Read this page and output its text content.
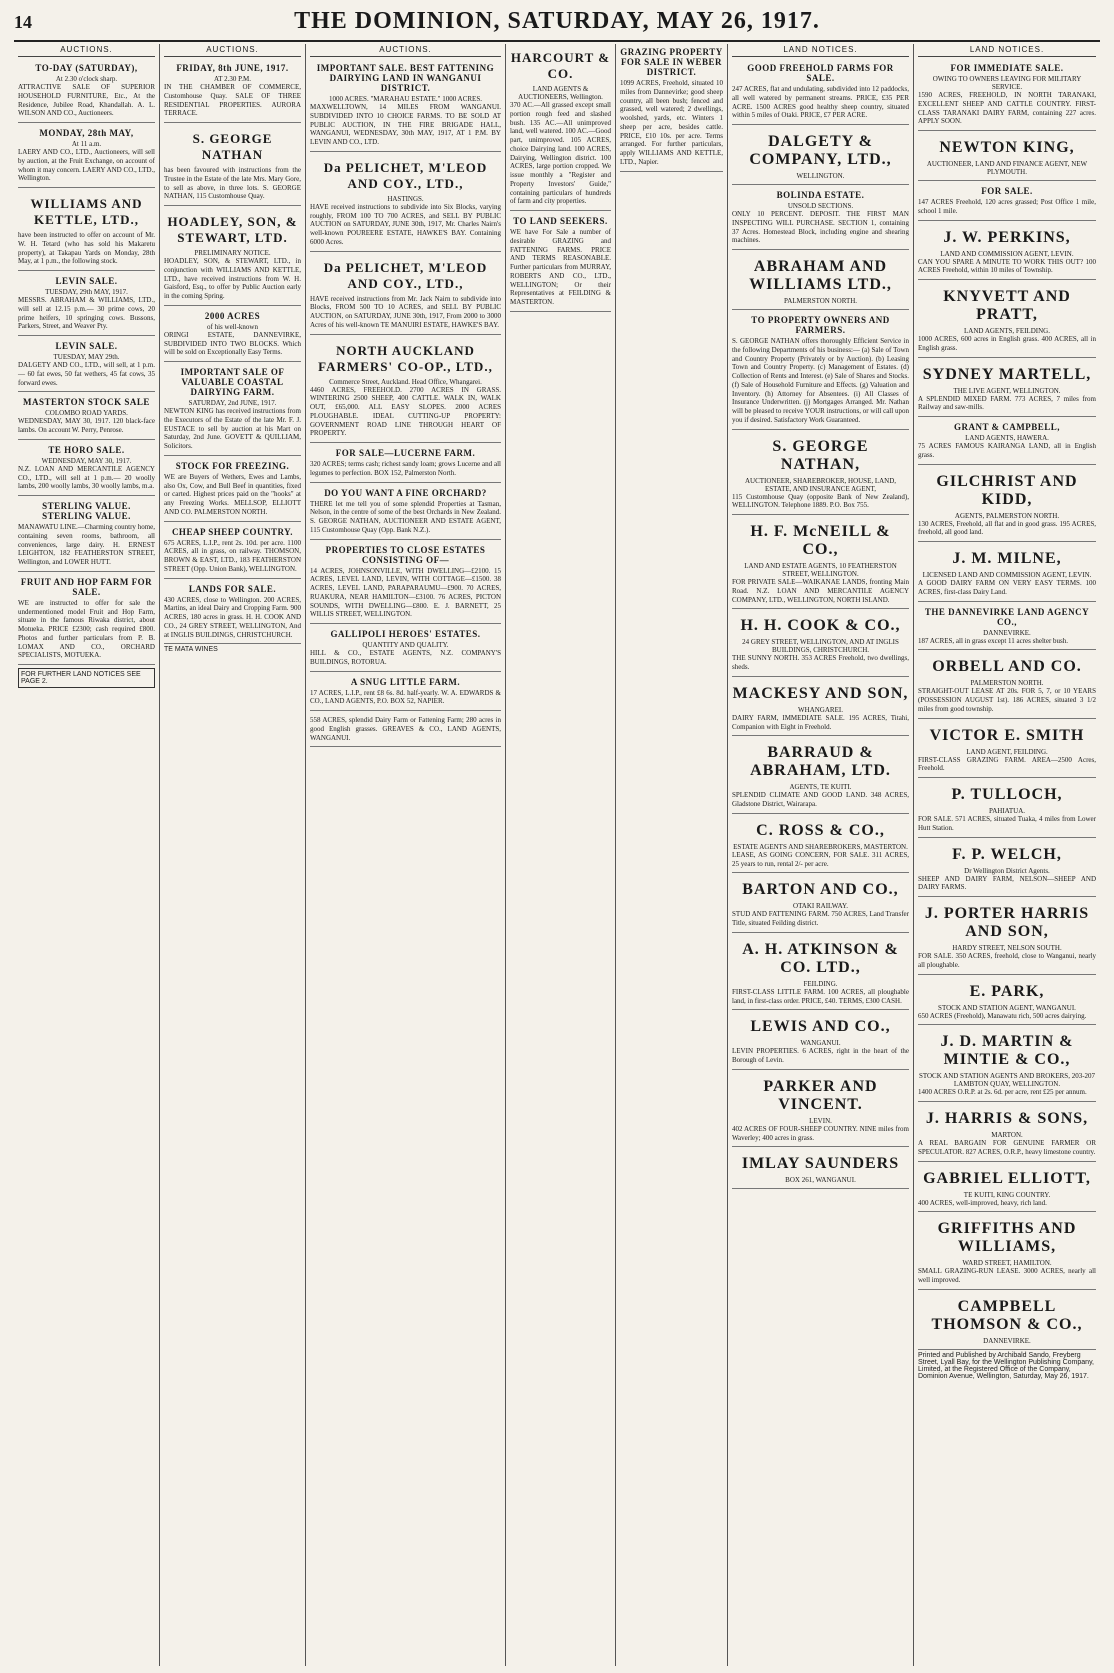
14	THE DOMINION, SATURDAY, MAY 26, 1917.
AUCTIONS.
TO-DAY (SATURDAY),
At 2.30 o'clock sharp.
ATTRACTIVE SALE OF SUPERIOR HOUSEHOLD FURNITURE, Etc., At the Residence, Jubilee Road, Khandallah. A. L. WILSON AND CO., Auctioneers.
MONDAY, 28th MAY,
At 11 a.m.
LAERY AND CO., LTD., Auctioneers, will sell by auction, at the Fruit Exchange, on account of whom it may concern. LAERY AND CO., LTD., Wellington.
WILLIAMS AND KETTLE, LTD.,
have been instructed to offer on account of Mr. W. H. Tetard (who has sold his Makaretu property), at Takapau Yards on Monday, 28th May, at 1 p.m., the following stock.
LEVIN SALE.
TUESDAY, 29th MAY, 1917.
MESSRS. ABRAHAM & WILLIAMS, LTD., will sell at 12.15 p.m.— 30 prime cows, 20 prime heifers, 10 springing cows. Bussons, Parkers, Street, and Weaver Pty.
LEVIN SALE.
TUESDAY, MAY 29th.
DALGETY AND CO., LTD., will sell, at 1 p.m.— 60 fat ewes, 50 fat wethers, 45 fat cows, 35 forward ewes.
MASTERTON STOCK SALE
COLOMBO ROAD YARDS.
WEDNESDAY, MAY 30, 1917. 120 black-face lambs. On account W. Perry, Penrose.
TE HORO SALE.
WEDNESDAY, MAY 30, 1917.
N.Z. LOAN AND MERCANTILE AGENCY CO., LTD., will sell at 1 p.m.— 20 woolly lambs, 200 woolly lambs, 30 woolly lambs, m.a.
STERLING VALUE. STERLING VALUE.
MANAWATU LINE.—Charming country home, containing seven rooms, bathroom, all conveniences, large dairy. H. ERNEST LEIGHTON, 182 FEATHERSTON STREET, Wellington, and LOWER HUTT.
FRUIT AND HOP FARM FOR SALE.
WE are instructed to offer for sale the undermentioned model Fruit and Hop Farm, situate in the famous Riwaka district, about Motueka. PRICE £2300; cash required £800. Photos and further particulars from P. B. LOMAX AND CO., ORCHARD SPECIALISTS, MOTUEKA.
FOR FURTHER LAND NOTICES SEE PAGE 2.
AUCTIONS.
FRIDAY, 8th JUNE, 1917.
AT 2.30 P.M.
IN THE CHAMBER OF COMMERCE, Customhouse Quay. SALE OF THREE RESIDENTIAL PROPERTIES. AURORA TERRACE.
S. GEORGE NATHAN
has been favoured with instructions from the Trustee in the Estate of the late Mrs. Mary Gore, to sell as above, in three lots. S. GEORGE NATHAN, 115 Customhouse Quay.
HOADLEY, SON, & STEWART, LTD.
PRELIMINARY NOTICE.
HOADLEY, SON, & STEWART, LTD., in conjunction with WILLIAMS AND KETTLE, LTD., have received instructions from W. H. Gaisford, Esq., to offer by Public Auction early in the coming Spring.
2000 ACRES
of his well-known
ORINGI ESTATE, DANNEVIRKE, SUBDIVIDED INTO TWO BLOCKS. Which will be sold on Exceptionally Easy Terms.
IMPORTANT SALE OF VALUABLE COASTAL DAIRYING FARM.
SATURDAY, 2nd JUNE, 1917.
NEWTON KING has received instructions from the Executors of the Estate of the late Mr. F. J. EUSTACE to sell by auction at his Mart on Saturday, 2nd June. GOVETT & QUILLIAM, Solicitors.
STOCK FOR FREEZING.
WE are Buyers of Wethers, Ewes and Lambs, also Ox, Cow, and Bull Beef in quantities, fixed or carted. Highest prices paid on the "hooks" at any Freezing Works. MELLSOP, ELLIOTT AND CO. PALMERSTON NORTH.
CHEAP SHEEP COUNTRY.
675 ACRES, L.I.P., rent 2s. 10d. per acre. 1100 ACRES, all in grass, on railway. THOMSON, BROWN & EAST, LTD., 183 FEATHERSTON STREET (Opp. Union Bank), WELLINGTON.
LANDS FOR SALE.
430 ACRES, close to Wellington. 200 ACRES, Martins, an ideal Dairy and Cropping Farm. 900 ACRES, 180 acres in grass. H. H. COOK AND CO., 24 GREY STREET, WELLINGTON, And at INGLIS BUILDINGS, CHRISTCHURCH.
TE MATA WINES
AUCTIONS.
IMPORTANT SALE. BEST FATTENING DAIRYING LAND IN WANGANUI DISTRICT.
1000 ACRES. "MARAHAU ESTATE." 1000 ACRES.
MAXWELLTOWN, 14 MILES FROM WANGANUI. SUBDIVIDED INTO 10 CHOICE FARMS. TO BE SOLD AT PUBLIC AUCTION, IN THE FIRE BRIGADE HALL, WANGANUI, WEDNESDAY, 30th MAY, 1917, AT 1 P.M. BY LEVIN AND CO., LTD.
Da PELICHET, M'LEOD AND COY., LTD.,
HASTINGS.
HAVE received instructions to subdivide into Six Blocks, varying roughly, FROM 100 TO 700 ACRES, and SELL BY PUBLIC AUCTION on SATURDAY, JUNE 30th, 1917, Mr. Charles Nairn's well-known POUREERE ESTATE, HAWKE'S BAY. Containing 6000 Acres.
Da PELICHET, M'LEOD AND COY., LTD.,
HAVE received instructions from Mr. Jack Nairn to subdivide into Blocks, FROM 500 TO 10 ACRES, and SELL BY PUBLIC AUCTION, on SATURDAY, JUNE 30th, 1917, From 2000 to 3000 Acres of his well-known TE MANUIRI ESTATE, HAWKE'S BAY.
NORTH AUCKLAND FARMERS' CO-OP., LTD.,
Commerce Street, Auckland. Head Office, Whangarei.
4460 ACRES, FREEHOLD. 2700 ACRES IN GRASS. WINTERING 2500 SHEEP, 400 CATTLE. WALK IN, WALK OUT, £65,000. ALL EASY SLOPES. 2000 ACRES PLOUGHABLE. IDEAL CUTTING-UP PROPERTY: GOVERNMENT ROAD LINE THROUGH HEART OF PROPERTY.
FOR SALE—LUCERNE FARM.
320 ACRES; terms cash; richest sandy loam; grows Lucerne and all legumes to perfection. BOX 152, Palmerston North.
DO YOU WANT A FINE ORCHARD?
THERE let me tell you of some splendid Properties at Tasman, Nelson, in the centre of some of the best Orchards in New Zealand. S. GEORGE NATHAN, AUCTIONEER AND ESTATE AGENT, 115 Customhouse Quay (Opp. Bank N.Z.).
PROPERTIES TO CLOSE ESTATES CONSISTING OF—
14 ACRES, JOHNSONVILLE, WITH DWELLING—£2100. 15 ACRES, LEVEL LAND, LEVIN, WITH COTTAGE—£1500. 38 ACRES, LEVEL LAND, PARAPARAUMU—£900. 70 ACRES, RUAKURA, NEAR HAMILTON—£3100. 76 ACRES, PICTON SOUNDS, WITH DWELLING—£800. E. J. BARNETT, 25 WILLIS STREET, WELLINGTON.
GALLIPOLI HEROES' ESTATES.
QUANTITY AND QUALITY.
HILL & CO., ESTATE AGENTS, N.Z. COMPANY'S BUILDINGS, ROTORUA.
A SNUG LITTLE FARM.
17 ACRES, L.I.P., rent £8 6s. 8d. half-yearly. W. A. EDWARDS & CO., LAND AGENTS, P.O. BOX 52, NAPIER.
558 ACRES, splendid Dairy Farm or Fattening Farm; 280 acres in good English grasses. GREAVES & CO., LAND AGENTS, WANGANUI.
HARCOURT & CO.
LAND AGENTS & AUCTIONEERS, Wellington.
370 AC.—All grassed except small portion rough feed and slashed bush. 135 AC.—All unimproved land, well watered. 100 AC.—Good part, unimproved. 105 ACRES, choice Dairying land. 100 ACRES, Dairying, Wellington district. 100 ACRES, large portion cropped. We issue monthly a "Register and Property Investors' Guide," containing particulars of hundreds of farm and city properties.
TO LAND SEEKERS.
WE have For Sale a number of desirable GRAZING and FATTENING FARMS. PRICE AND TERMS REASONABLE. Further particulars from MURRAY, ROBERTS AND CO., LTD., WELLINGTON; Or their Representatives at FEILDING & MASTERTON.
GRAZING PROPERTY FOR SALE IN WEBER DISTRICT.
1099 ACRES, Freehold, situated 10 miles from Dannevirke; good sheep country, all been bush; fenced and grassed, well watered; 2 dwellings, woolshed, yards, etc. Winters 1 sheep per acre, besides cattle. PRICE, £10 10s. per acre. Terms arranged. For further particulars, apply WILLIAMS AND KETTLE, LTD., Napier.
LAND NOTICES.
GOOD FREEHOLD FARMS FOR SALE.
247 ACRES, flat and undulating, subdivided into 12 paddocks, all well watered by permanent streams. PRICE, £35 PER ACRE. 1500 ACRES good healthy sheep country, situated within 5 miles of Otaki. PRICE, £7 PER ACRE.
DALGETY & COMPANY, LTD.,
WELLINGTON.
BOLINDA ESTATE.
UNSOLD SECTIONS.
ONLY 10 PERCENT. DEPOSIT. THE FIRST MAN INSPECTING WILL PURCHASE. SECTION 1, containing 37 Acres. Homestead Block, including engine and shearing machines.
ABRAHAM AND WILLIAMS LTD.,
PALMERSTON NORTH.
TO PROPERTY OWNERS AND FARMERS.
S. GEORGE NATHAN offers thoroughly Efficient Service in the following Departments of his business:— (a) Sale of Town and Country Property (Privately or by Auction). (b) Leasing Town and Country Property. (c) Management of Estates. (d) Collection of Rents and Interest. (e) Sale of Shares and Stocks. (f) Sale of Household Furniture and Effects. (g) Valuation and Inventory. (h) Attorney for Absentees. (i) All Classes of Insurance Underwritten. (j) Mortgages Arranged. Mr. Nathan will be pleased to receive YOUR instructions, or will call upon you if desired. Satisfactory Work Guaranteed.
S. GEORGE NATHAN,
AUCTIONEER, SHAREBROKER, HOUSE, LAND, ESTATE, AND INSURANCE AGENT,
115 Customhouse Quay (opposite Bank of New Zealand), WELLINGTON. Telephone 1889. P.O. Box 755.
H. F. McNEILL & CO.,
LAND AND ESTATE AGENTS, 10 FEATHERSTON STREET, WELLINGTON.
FOR PRIVATE SALE—WAIKANAE LANDS, fronting Main Road. N.Z. LOAN AND MERCANTILE AGENCY COMPANY, LTD., WELLINGTON, NORTH ISLAND.
H. H. COOK & CO.,
24 GREY STREET, WELLINGTON, AND AT INGLIS BUILDINGS, CHRISTCHURCH.
THE SUNNY NORTH. 353 ACRES Freehold, two dwellings, sheds.
MACKESY AND SON,
WHANGAREI.
DAIRY FARM, IMMEDIATE SALE. 195 ACRES, Titahi, Companion with Eight in Freehold.
BARRAUD & ABRAHAM, LTD.
AGENTS, TE KUITI.
SPLENDID CLIMATE AND GOOD LAND. 348 ACRES, Gladstone District, Wairarapa.
C. ROSS & CO.,
ESTATE AGENTS AND SHAREBROKERS, MASTERTON.
LEASE, AS GOING CONCERN, FOR SALE. 311 ACRES, 25 years to run, rental 2/- per acre.
BARTON AND CO.,
OTAKI RAILWAY.
STUD AND FATTENING FARM. 750 ACRES, Land Transfer Title, situated Feilding district.
A. H. ATKINSON & CO. LTD.,
FEILDING.
FIRST-CLASS LITTLE FARM. 100 ACRES, all ploughable land, in first-class order. PRICE, £40. TERMS, £300 CASH.
LEWIS AND CO.,
WANGANUI.
LEVIN PROPERTIES. 6 ACRES, right in the heart of the Borough of Levin.
PARKER AND VINCENT.
LEVIN.
402 ACRES OF FOUR-SHEEP COUNTRY. NINE miles from Waverley; 400 acres in grass.
IMLAY SAUNDERS
BOX 261, WANGANUI.
LAND NOTICES.
FOR IMMEDIATE SALE.
OWING TO OWNERS LEAVING FOR MILITARY SERVICE.
1590 ACRES, FREEHOLD, IN NORTH TARANAKI, EXCELLENT SHEEP AND CATTLE COUNTRY. FIRST-CLASS TARANAKI DAIRY FARM, containing 227 acres. APPLY SOON.
NEWTON KING,
AUCTIONEER, LAND AND FINANCE AGENT, NEW PLYMOUTH.
FOR SALE.
147 ACRES Freehold, 120 acres grassed; Post Office 1 mile, school 1 mile.
J. W. PERKINS,
LAND AND COMMISSION AGENT, LEVIN.
CAN YOU SPARE A MINUTE TO WORK THIS OUT? 100 ACRES Freehold, within 10 miles of Township.
KNYVETT AND PRATT,
LAND AGENTS, FEILDING.
1000 ACRES, 600 acres in English grass. 400 ACRES, all in English grass.
SYDNEY MARTELL,
THE LIVE AGENT, WELLINGTON.
A SPLENDID MIXED FARM. 773 ACRES, 7 miles from Railway and saw-mills.
GRANT & CAMPBELL,
LAND AGENTS, HAWERA.
75 ACRES FAMOUS KAIRANGA LAND, all in English grass.
GILCHRIST AND KIDD,
AGENTS, PALMERSTON NORTH.
130 ACRES, Freehold, all flat and in good grass. 195 ACRES, freehold, all good land.
J. M. MILNE,
LICENSED LAND AND COMMISSION AGENT, LEVIN.
A GOOD DAIRY FARM ON VERY EASY TERMS. 100 ACRES, first-class Dairy Land.
THE DANNEVIRKE LAND AGENCY CO.,
DANNEVIRKE.
187 ACRES, all in grass except 11 acres shelter bush.
ORBELL AND CO.
PALMERSTON NORTH.
STRAIGHT-OUT LEASE AT 20s. FOR 5, 7, or 10 YEARS (POSSESSION AUGUST 1st). 186 ACRES, situated 3 1/2 miles from good township.
VICTOR E. SMITH
LAND AGENT, FEILDING.
FIRST-CLASS GRAZING FARM. AREA—2500 Acres, Freehold.
P. TULLOCH,
PAHIATUA.
FOR SALE. 571 ACRES, situated Tuaka, 4 miles from Lower Hutt Station.
F. P. WELCH,
Dr Wellington District Agents.
SHEEP AND DAIRY FARM, NELSON—SHEEP AND DAIRY FARMS.
J. PORTER HARRIS AND SON,
HARDY STREET, NELSON SOUTH.
FOR SALE. 350 ACRES, freehold, close to Wanganui, nearly all ploughable.
E. PARK,
STOCK AND STATION AGENT, WANGANUI.
650 ACRES (Freehold), Manawatu rich, 500 acres dairying.
J. D. MARTIN & MINTIE & CO.,
STOCK AND STATION AGENTS AND BROKERS, 203-207 LAMBTON QUAY, WELLINGTON.
1400 ACRES O.R.P. at 2s. 6d. per acre, rent £25 per annum.
J. HARRIS & SONS,
MARTON.
A REAL BARGAIN FOR GENUINE FARMER OR SPECULATOR. 827 ACRES, O.R.P., heavy limestone country.
GABRIEL ELLIOTT,
TE KUITI, KING COUNTRY.
400 ACRES, well-improved, heavy, rich land.
GRIFFITHS AND WILLIAMS,
WARD STREET, HAMILTON.
SMALL GRAZING-RUN LEASE. 3000 ACRES, nearly all well improved.
CAMPBELL THOMSON & CO.,
DANNEVIRKE.
Printed and Published by Archibald Sando, Freyberg Street, Lyall Bay, for the Wellington Publishing Company, Limited, at the Registered Office of the Company, Dominion Avenue, Wellington, Saturday, May 26, 1917.
